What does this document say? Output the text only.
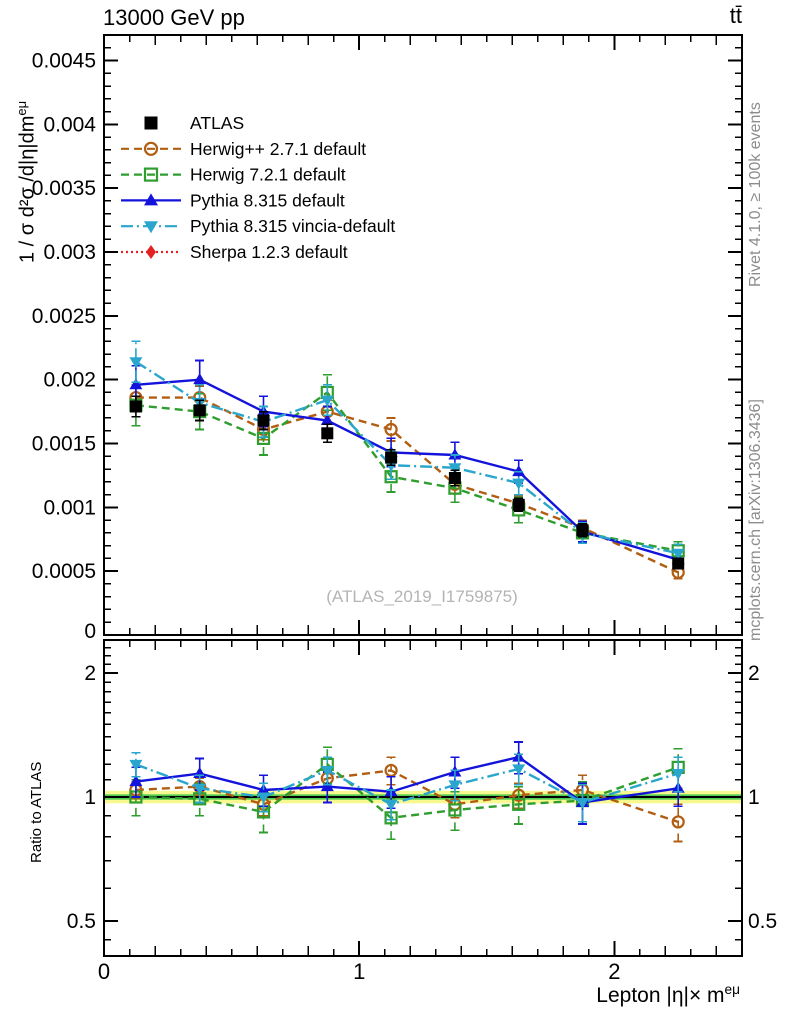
0	1	2
0
0.0005
0.001
0.0015
0.002
0.0025
0.003
0.0035
0.004
0.0045
0.5	0.5
1	1
2	2
ATLAS
Herwig++ 2.7.1 default
Herwig 7.2.1 default
Pythia 8.315 default
Pythia 8.315 vincia-default
Sherpa 1.2.3 default
13000 GeV pp	tt̄
Rivet 4.1.0, ≥ 100k events
mcplots.cern.ch [arXiv:1306.3436]
1 / σ d²σ $/d|\eta|dm^{e\mu}$
Ratio to ATLAS
(ATLAS_2019_I1759875)
Lepton $|\eta|\times m^{e\mu}$
